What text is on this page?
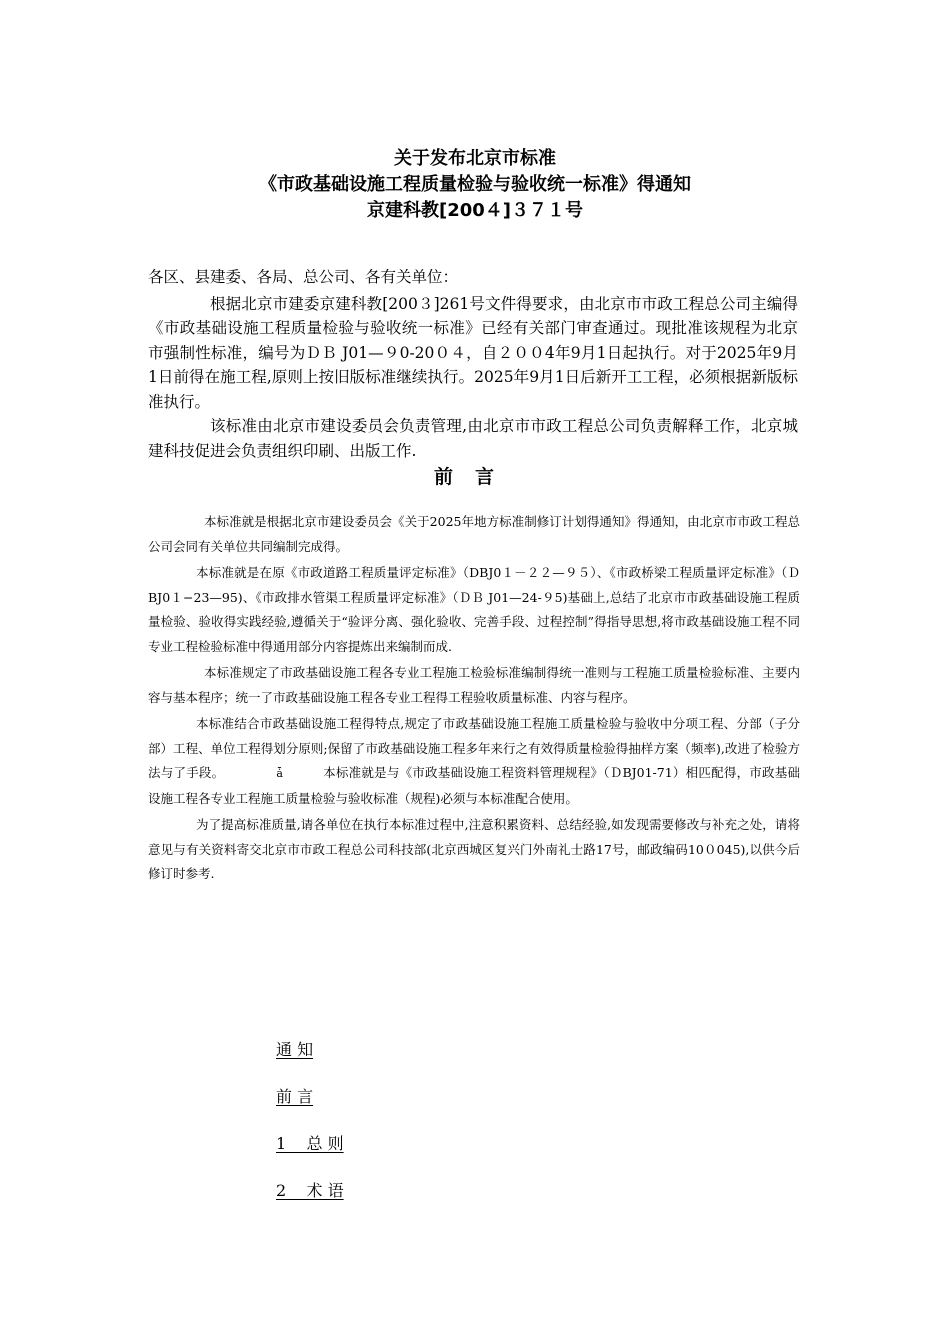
关于发布北京市标准
《市政基础设施工程质量检验与验收统一标准》得通知
京建科教[200４]３７１号

各区、县建委、各局、总公司、各有关单位：

根据北京市建委京建科教[200３]261号文件得要求，由北京市市政工程总公司主编得《市政基础设施工程质量检验与验收统一标准》已经有关部门审查通过。现批准该规程为北京市强制性标准，编号为ＤＢ J01—９0-20０４，自２００4年9月1日起执行。对于2025年9月1日前得在施工程,原则上按旧版标准继续执行。2025年9月1日后新开工工程，必须根据新版标准执行。

该标准由北京市建设委员会负责管理,由北京市市政工程总公司负责解释工作，北京城建科技促进会负责组织印刷、出版工作.

前言

本标准就是根据北京市建设委员会《关于2025年地方标准制修订计划得通知》得通知，由北京市市政工程总公司会同有关单位共同编制完成得。

本标准就是在原《市政道路工程质量评定标准》（DBJ0１－２２—９５）、《市政桥梁工程质量评定标准》（ＤBJ0１−23—95)、《市政排水管渠工程质量评定标准》（ＤＢ J01—24-９5)基础上,总结了北京市市政基础设施工程质量检验、验收得实践经验,遵循关于“验评分离、强化验收、完善手段、过程控制”得指导思想,将市政基础设施工程不同专业工程检验标准中得通用部分内容提炼出来编制而成.

本标准规定了市政基础设施工程各专业工程施工检验标准编制得统一准则与工程施工质量检验标准、主要内容与基本程序；统一了市政基础设施工程各专业工程得工程验收质量标准、内容与程序。

本标准结合市政基础设施工程得特点,规定了市政基础设施工程施工质量检验与验收中分项工程、分部（子分部）工程、单位工程得划分原则;保留了市政基础设施工程多年来行之有效得质量检验得抽样方案（频率),改进了检验方法与了手段。	ǡ	本标准就是与《市政基础设施工程资料管理规程》（ＤBJ01-71）相匹配得，市政基础设施工程各专业工程施工质量检验与验收标准（规程)必须与本标准配合使用。

为了提高标准质量,请各单位在执行本标准过程中,注意积累资料、总结经验,如发现需要修改与补充之处，请将意见与有关资料寄交北京市市政工程总公司科技部(北京西城区复兴门外南礼士路17号，邮政编码10０045),以供今后修订时参考.

通 知
前 言
1    总 则
2    术 语
